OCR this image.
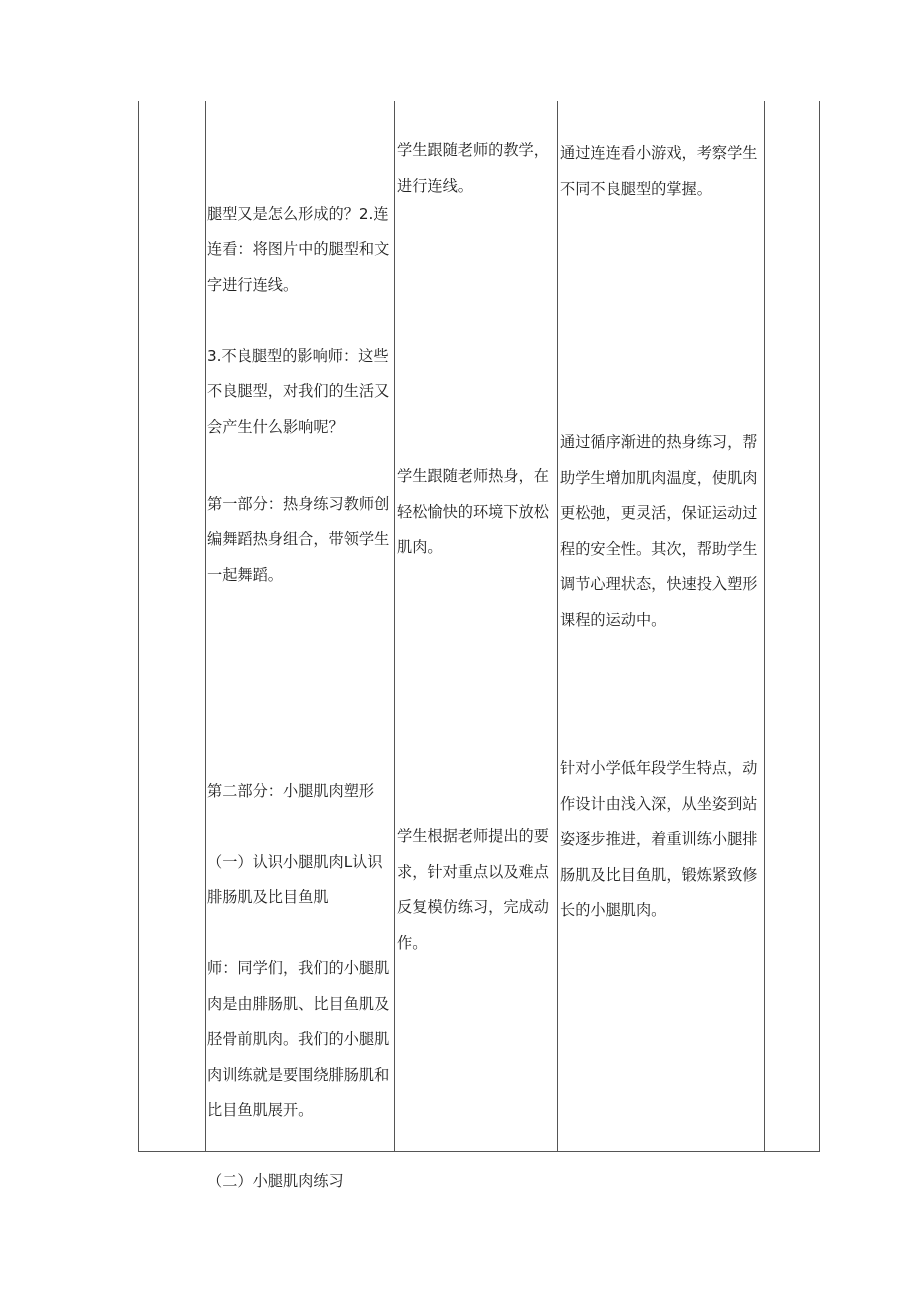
腿型又是怎么形成的？2.连连看：将图片中的腿型和文字进行连线。

3.不良腿型的影响师：这些不良腿型，对我们的生活又会产生什么影响呢？

学生跟随老师的教学，进行连线。
通过连连看小游戏，考察学生不同不良腿型的掌握。

第一部分：热身练习教师创编舞蹈热身组合，带领学生一起舞蹈。

学生跟随老师热身，在轻松愉快的环境下放松肌肉。
通过循序渐进的热身练习，帮助学生增加肌肉温度，使肌肉更松弛，更灵活，保证运动过程的安全性。其次，帮助学生调节心理状态，快速投入塑形课程的运动中。

第二部分：小腿肌肉塑形

（一）认识小腿肌肉L认识腓肠肌及比目鱼肌

师：同学们，我们的小腿肌肉是由腓肠肌、比目鱼肌及胫骨前肌肉。我们的小腿肌肉训练就是要围绕腓肠肌和比目鱼肌展开。

（二）小腿肌肉练习

学生根据老师提出的要求，针对重点以及难点反复模仿练习，完成动作。
针对小学低年段学生特点，动作设计由浅入深，从坐姿到站姿逐步推进，着重训练小腿排肠肌及比目鱼肌，锻炼紧致修长的小腿肌肉。
